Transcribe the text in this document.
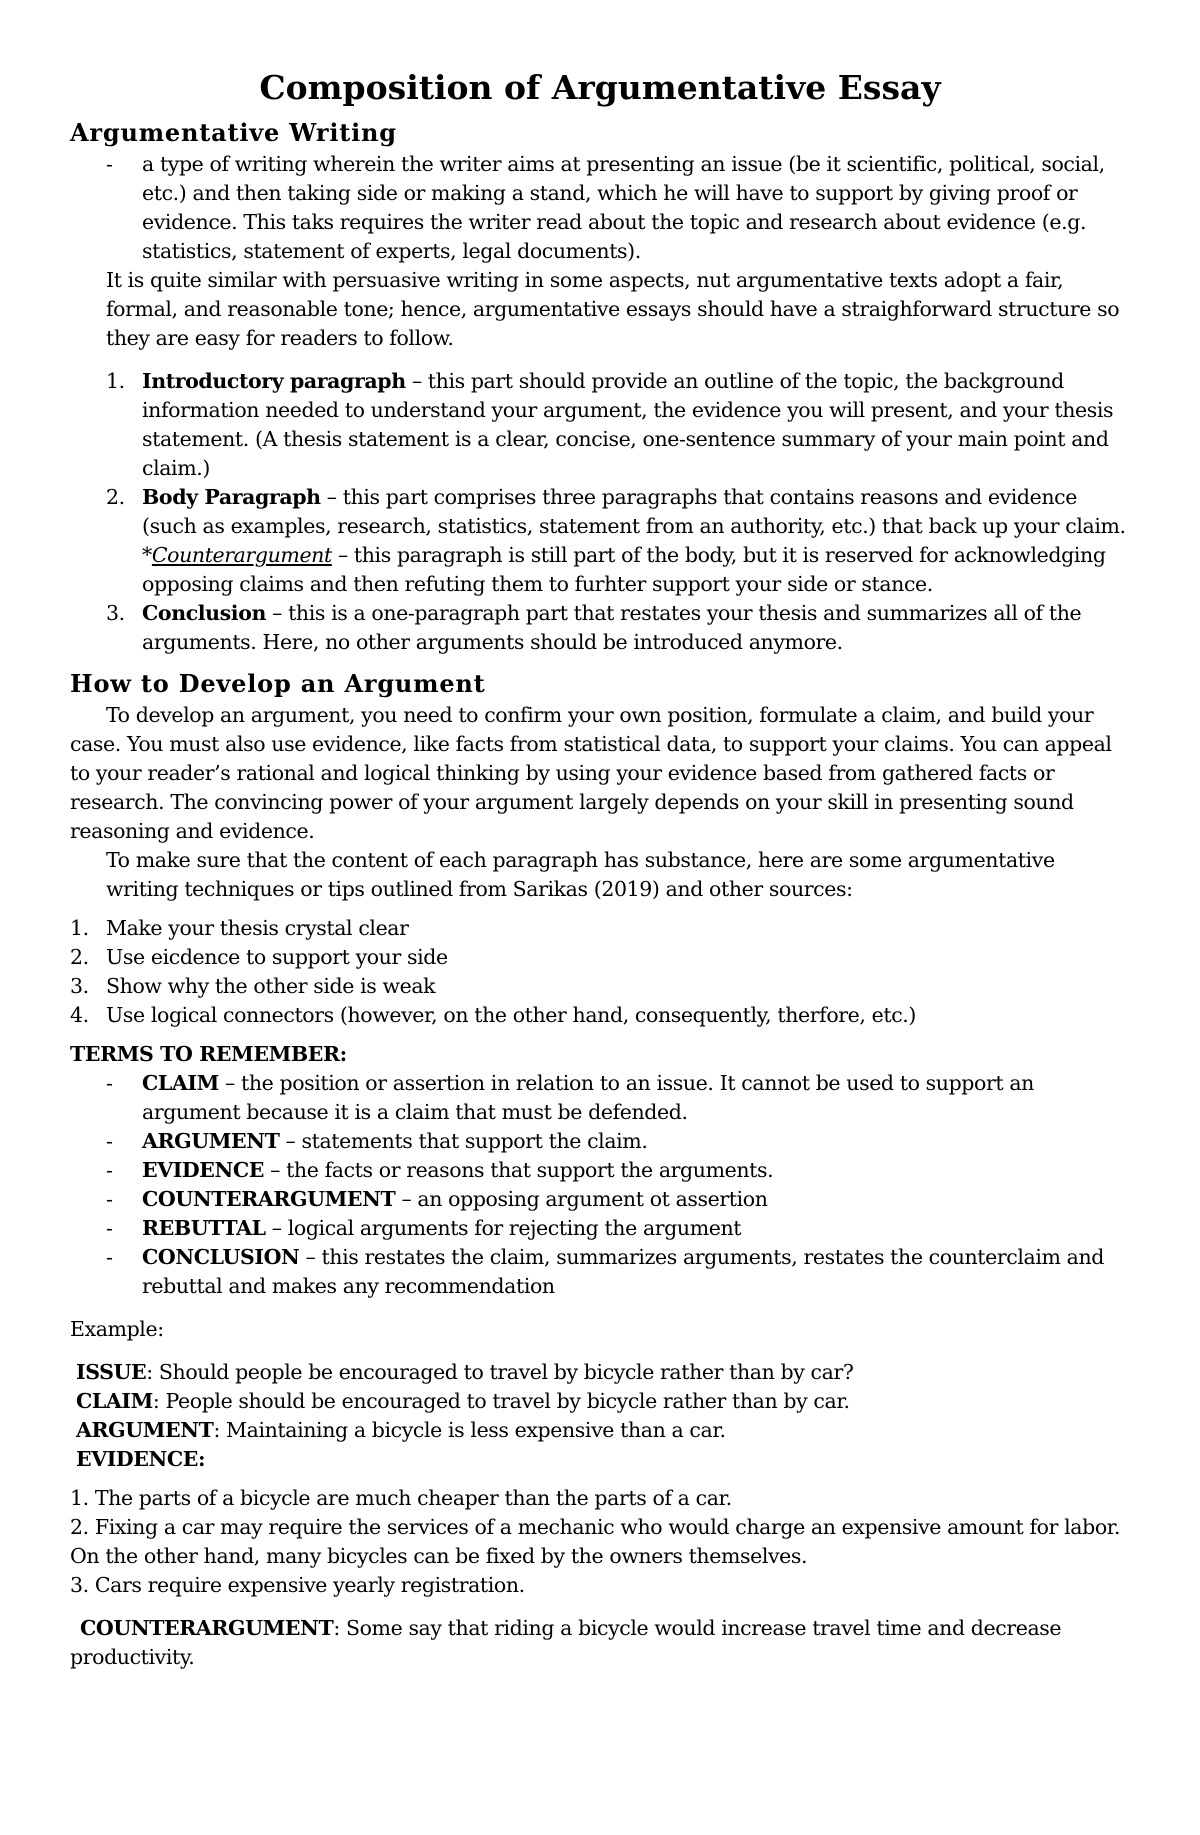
Composition of Argumentative Essay
Argumentative Writing
- a type of writing wherein the writer aims at presenting an issue (be it scientific, political, social, etc.) and then taking side or making a stand, which he will have to support by giving proof or evidence. This taks requires the writer read about the topic and research about evidence (e.g. statistics, statement of experts, legal documents).

It is quite similar with persuasive writing in some aspects, nut argumentative texts adopt a fair, formal, and reasonable tone; hence, argumentative essays should have a straighforward structure so they are easy for readers to follow.

1. Introductory paragraph – this part should provide an outline of the topic, the background information needed to understand your argument, the evidence you will present, and your thesis statement. (A thesis statement is a clear, concise, one-sentence summary of your main point and claim.)
2. Body Paragraph – this part comprises three paragraphs that contains reasons and evidence (such as examples, research, statistics, statement from an authority, etc.) that back up your claim.
*Counterargument – this paragraph is still part of the body, but it is reserved for acknowledging opposing claims and then refuting them to furhter support your side or stance.
3. Conclusion – this is a one-paragraph part that restates your thesis and summarizes all of the arguments. Here, no other arguments should be introduced anymore.
How to Develop an Argument

To develop an argument, you need to confirm your own position, formulate a claim, and build your case. You must also use evidence, like facts from statistical data, to support your claims. You can appeal to your reader’s rational and logical thinking by using your evidence based from gathered facts or research. The convincing power of your argument largely depends on your skill in presenting sound reasoning and evidence.

To make sure that the content of each paragraph has substance, here are some argumentative writing techniques or tips outlined from Sarikas (2019) and other sources:

1. Make your thesis crystal clear
2. Use eicdence to support your side
3. Show why the other side is weak
4. Use logical connectors (however, on the other hand, consequently, therfore, etc.)

TERMS TO REMEMBER:

- CLAIM – the position or assertion in relation to an issue. It cannot be used to support an argument because it is a claim that must be defended.
- ARGUMENT – statements that support the claim.
- EVIDENCE – the facts or reasons that support the arguments.
- COUNTERARGUMENT – an opposing argument ot assertion
- REBUTTAL – logical arguments for rejecting the argument
- CONCLUSION – this restates the claim, summarizes arguments, restates the counterclaim and rebuttal and makes any recommendation

Example:

ISSUE: Should people be encouraged to travel by bicycle rather than by car?

CLAIM: People should be encouraged to travel by bicycle rather than by car.

ARGUMENT: Maintaining a bicycle is less expensive than a car.

EVIDENCE:

1. The parts of a bicycle are much cheaper than the parts of a car.

2. Fixing a car may require the services of a mechanic who would charge an expensive amount for labor. On the other hand, many bicycles can be fixed by the owners themselves.

3. Cars require expensive yearly registration.

COUNTERARGUMENT: Some say that riding a bicycle would increase travel time and decrease productivity.
